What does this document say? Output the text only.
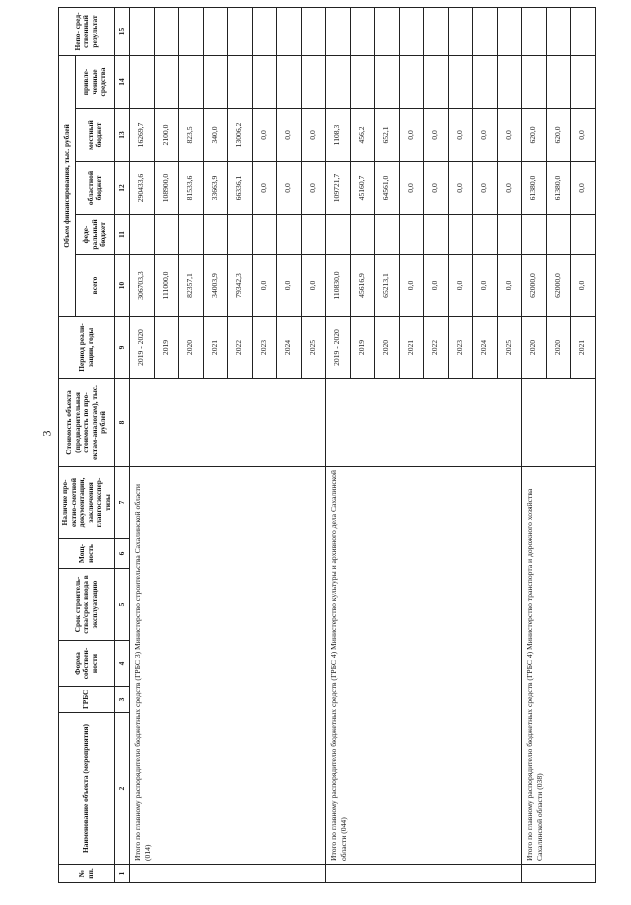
3
№ пп.	Наименование объекта (мероприятия)	ГРБС	Форма собствен- ности	Срок строитель- ства/срок ввода в эксплуатацию	Мощ- ность	Наличие про- ектно-сметной документации, заключения главгосэкспер- тизы	Стоимость объекта (предварительная стоимость по про- ектам-аналогам), тыс. рублей	Период реали- зации, годы	Объем финансирования, тыс. рублей					Непо- сред- ственный результат
									всего	феде- ральный бюджет	областной бюджет	местный бюджет	привле- ченные средства	
1	2	3	4	5	6	7	8	9	10	11	12	13	14	15
	Итого по главному распорядителю бюджетных средств (ГРБС 3) Министерство строительства Сахалинской области (014)							2019 - 2020	306703,3		290433,6	16269,7		
								2019	111000,0		108900,0	2100,0		
								2020	82357,1		81533,6	823,5		
								2021	34003,9		33663,9	340,0		
								2022	79342,3		66336,1	13006,2		
								2023	0,0		0,0	0,0		
								2024	0,0		0,0	0,0		
								2025	0,0		0,0	0,0		
	Итого по главному распорядителю бюджетных средств (ГРБС 4) Министерство культуры и архивного дела Сахалинской области (044)							2019 - 2020	110830,0		109721,7	1108,3		
								2019	45616,9		45160,7	456,2		
								2020	65213,1		64561,0	652,1		
								2021	0,0		0,0	0,0		
								2022	0,0		0,0	0,0		
								2023	0,0		0,0	0,0		
								2024	0,0		0,0	0,0		
								2025	0,0		0,0	0,0		
	Итого по главному распорядителю бюджетных средств (ГРБС 4) Министерство транспорта и дорожного хозяйства Сахалинской области (038)							2020	62000,0		61380,0	620,0		
								2020	62000,0		61380,0	620,0		
								2021	0,0		0,0	0,0		
